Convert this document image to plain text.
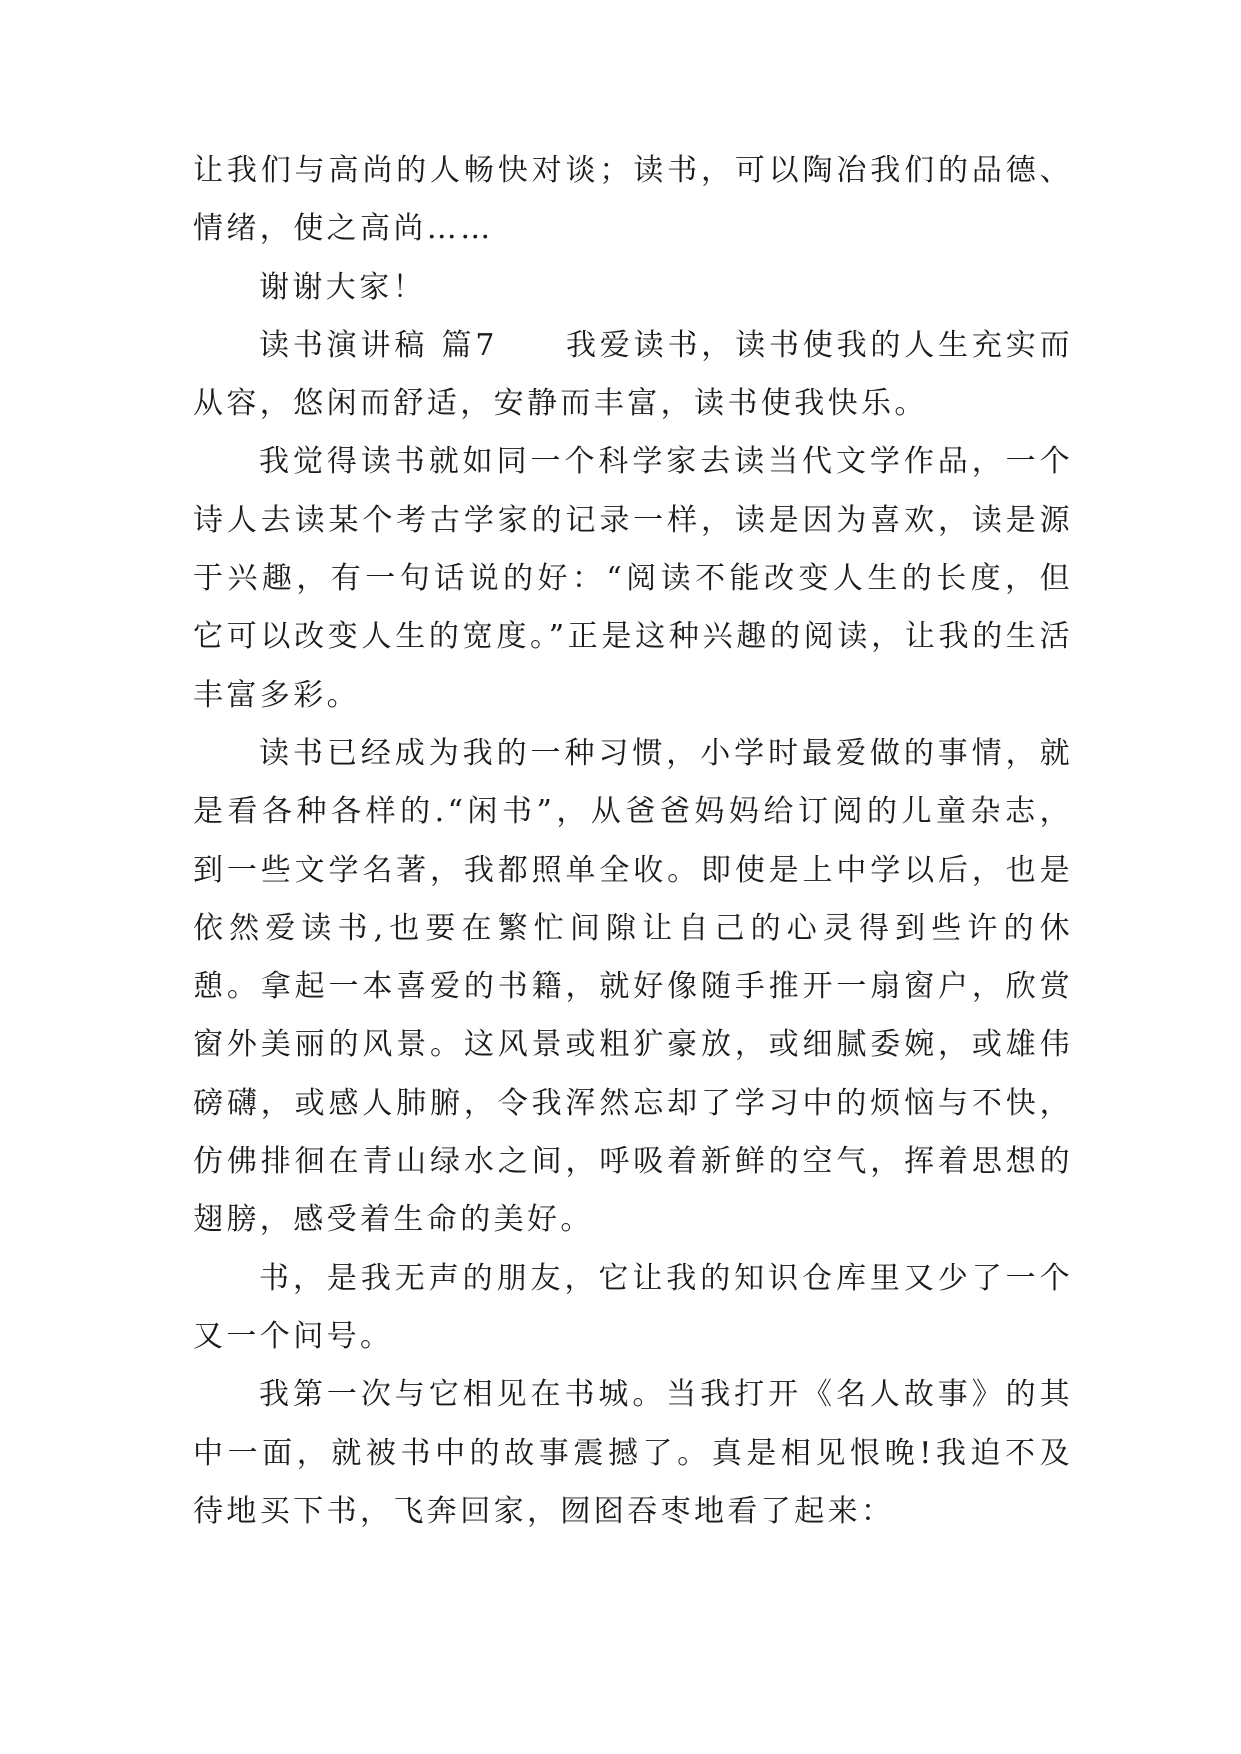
让我们与高尚的人畅快对谈；读书，可以陶冶我们的品德、情绪，使之高尚……

谢谢大家！

读书演讲稿 篇7　　我爱读书，读书使我的人生充实而从容，悠闲而舒适，安静而丰富，读书使我快乐。

我觉得读书就如同一个科学家去读当代文学作品，一个诗人去读某个考古学家的记录一样，读是因为喜欢，读是源于兴趣，有一句话说的好：“阅读不能改变人生的长度，但它可以改变人生的宽度。”正是这种兴趣的阅读，让我的生活丰富多彩。

读书已经成为我的一种习惯，小学时最爱做的事情，就是看各种各样的.“闲书”，从爸爸妈妈给订阅的儿童杂志，到一些文学名著，我都照单全收。即使是上中学以后，也是依然爱读书,也要在繁忙间隙让自己的心灵得到些许的休憩。拿起一本喜爱的书籍，就好像随手推开一扇窗户，欣赏窗外美丽的风景。这风景或粗犷豪放，或细腻委婉，或雄伟磅礴，或感人肺腑，令我浑然忘却了学习中的烦恼与不快，仿佛排徊在青山绿水之间，呼吸着新鲜的空气，挥着思想的翅膀，感受着生命的美好。

书，是我无声的朋友，它让我的知识仓库里又少了一个又一个问号。

我第一次与它相见在书城。当我打开《名人故事》的其中一面，就被书中的故事震撼了。真是相见恨晚!我迫不及待地买下书，飞奔回家，囫囵吞枣地看了起来：
